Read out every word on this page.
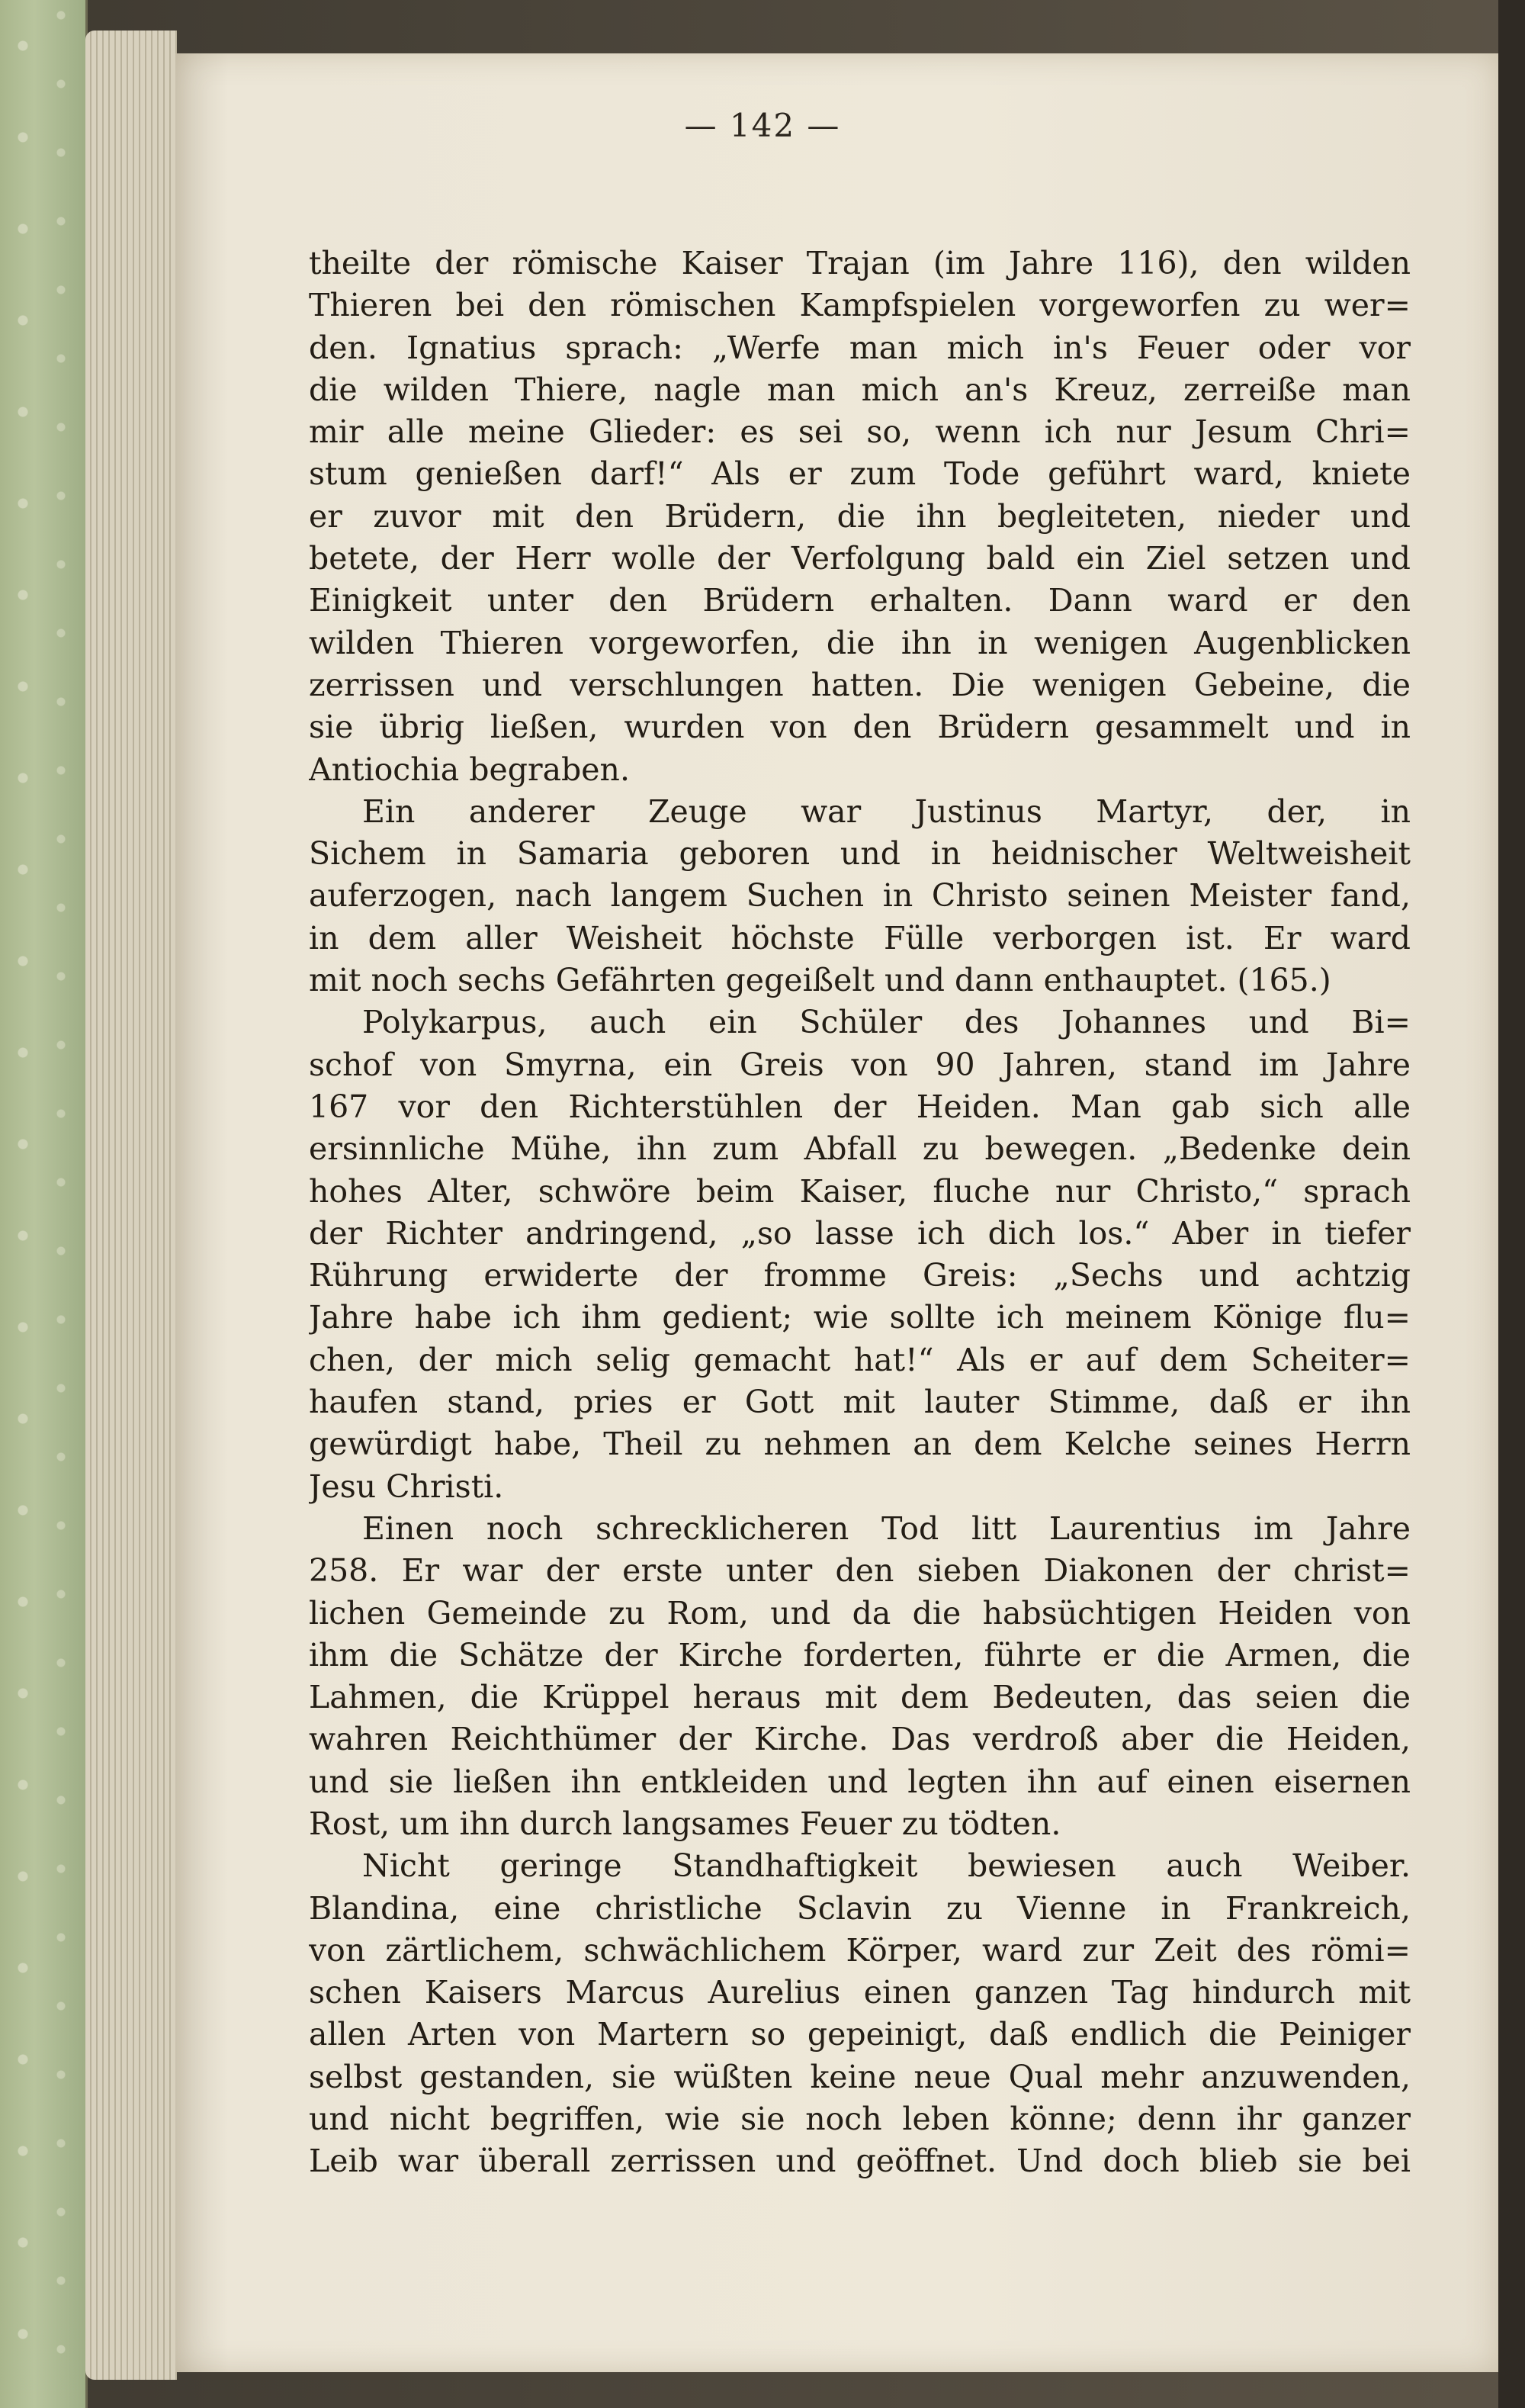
— 142 —
theilte der römische Kaiser Trajan (im Jahre 116), den wilden
Thieren bei den römischen Kampfspielen vorgeworfen zu wer=
den. Ignatius sprach: „Werfe man mich in's Feuer oder vor
die wilden Thiere, nagle man mich an's Kreuz, zerreiße man
mir alle meine Glieder: es sei so, wenn ich nur Jesum Chri=
stum genießen darf!“ Als er zum Tode geführt ward, kniete
er zuvor mit den Brüdern, die ihn begleiteten, nieder und
betete, der Herr wolle der Verfolgung bald ein Ziel setzen und
Einigkeit unter den Brüdern erhalten. Dann ward er den
wilden Thieren vorgeworfen, die ihn in wenigen Augenblicken
zerrissen und verschlungen hatten. Die wenigen Gebeine, die
sie übrig ließen, wurden von den Brüdern gesammelt und in
Antiochia begraben.
Ein anderer Zeuge war Justinus Martyr, der, in
Sichem in Samaria geboren und in heidnischer Weltweisheit
auferzogen, nach langem Suchen in Christo seinen Meister fand,
in dem aller Weisheit höchste Fülle verborgen ist. Er ward
mit noch sechs Gefährten gegeißelt und dann enthauptet. (165.)
Polykarpus, auch ein Schüler des Johannes und Bi=
schof von Smyrna, ein Greis von 90 Jahren, stand im Jahre
167 vor den Richterstühlen der Heiden. Man gab sich alle
ersinnliche Mühe, ihn zum Abfall zu bewegen. „Bedenke dein
hohes Alter, schwöre beim Kaiser, fluche nur Christo,“ sprach
der Richter andringend, „so lasse ich dich los.“ Aber in tiefer
Rührung erwiderte der fromme Greis: „Sechs und achtzig
Jahre habe ich ihm gedient; wie sollte ich meinem Könige flu=
chen, der mich selig gemacht hat!“ Als er auf dem Scheiter=
haufen stand, pries er Gott mit lauter Stimme, daß er ihn
gewürdigt habe, Theil zu nehmen an dem Kelche seines Herrn
Jesu Christi.
Einen noch schrecklicheren Tod litt Laurentius im Jahre
258. Er war der erste unter den sieben Diakonen der christ=
lichen Gemeinde zu Rom, und da die habsüchtigen Heiden von
ihm die Schätze der Kirche forderten, führte er die Armen, die
Lahmen, die Krüppel heraus mit dem Bedeuten, das seien die
wahren Reichthümer der Kirche. Das verdroß aber die Heiden,
und sie ließen ihn entkleiden und legten ihn auf einen eisernen
Rost, um ihn durch langsames Feuer zu tödten.
Nicht geringe Standhaftigkeit bewiesen auch Weiber.
Blandina, eine christliche Sclavin zu Vienne in Frankreich,
von zärtlichem, schwächlichem Körper, ward zur Zeit des römi=
schen Kaisers Marcus Aurelius einen ganzen Tag hindurch mit
allen Arten von Martern so gepeinigt, daß endlich die Peiniger
selbst gestanden, sie wüßten keine neue Qual mehr anzuwenden,
und nicht begriffen, wie sie noch leben könne; denn ihr ganzer
Leib war überall zerrissen und geöffnet. Und doch blieb sie bei
